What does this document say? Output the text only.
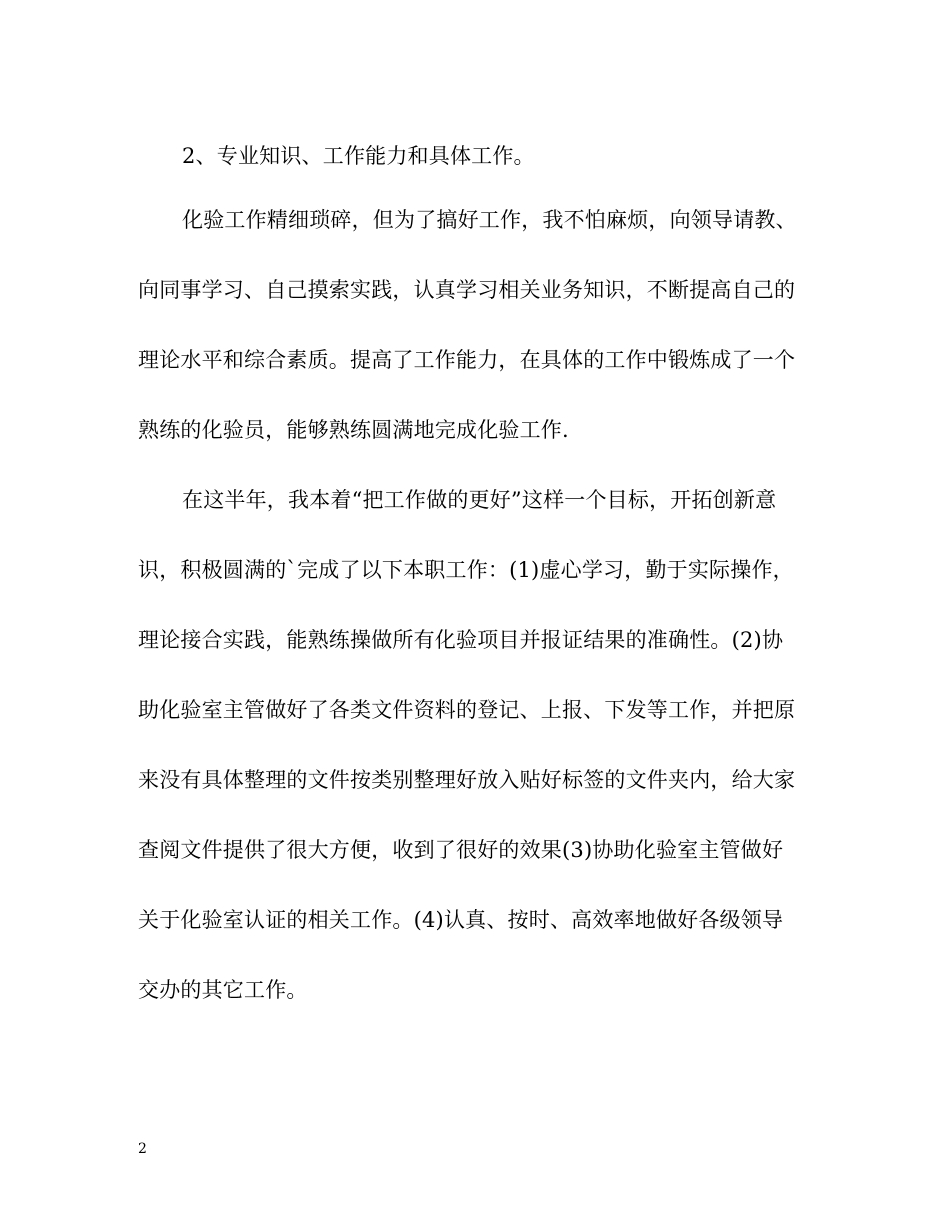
2、专业知识、工作能力和具体工作。
化验工作精细琐碎，但为了搞好工作，我不怕麻烦，向领导请教、
向同事学习、自己摸索实践，认真学习相关业务知识，不断提高自己的
理论水平和综合素质。提高了工作能力，在具体的工作中锻炼成了一个
熟练的化验员，能够熟练圆满地完成化验工作.
在这半年，我本着“把工作做的更好”这样一个目标，开拓创新意
识，积极圆满的`完成了以下本职工作：(1)虚心学习，勤于实际操作，
理论接合实践，能熟练操做所有化验项目并报证结果的准确性。(2)协
助化验室主管做好了各类文件资料的登记、上报、下发等工作，并把原
来没有具体整理的文件按类别整理好放入贴好标签的文件夹内，给大家
查阅文件提供了很大方便，收到了很好的效果(3)协助化验室主管做好
关于化验室认证的相关工作。(4)认真、按时、高效率地做好各级领导
交办的其它工作。
2
